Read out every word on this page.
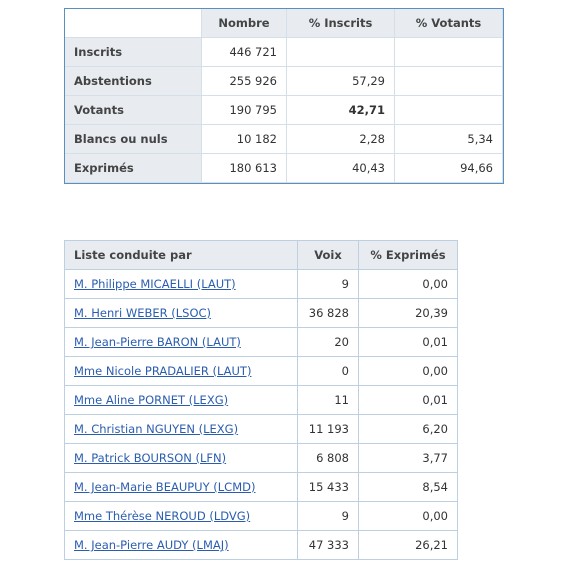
	Nombre	% Inscrits	% Votants
Inscrits	446 721		
Abstentions	255 926	57,29	
Votants	190 795	42,71	
Blancs ou nuls	10 182	2,28	5,34
Exprimés	180 613	40,43	94,66
Liste conduite par	Voix	% Exprimés
M. Philippe MICAELLI (LAUT)	9	0,00
M. Henri WEBER (LSOC)	36 828	20,39
M. Jean-Pierre BARON (LAUT)	20	0,01
Mme Nicole PRADALIER (LAUT)	0	0,00
Mme Aline PORNET (LEXG)	11	0,01
M. Christian NGUYEN (LEXG)	11 193	6,20
M. Patrick BOURSON (LFN)	6 808	3,77
M. Jean-Marie BEAUPUY (LCMD)	15 433	8,54
Mme Thérèse NEROUD (LDVG)	9	0,00
M. Jean-Pierre AUDY (LMAJ)	47 333	26,21
